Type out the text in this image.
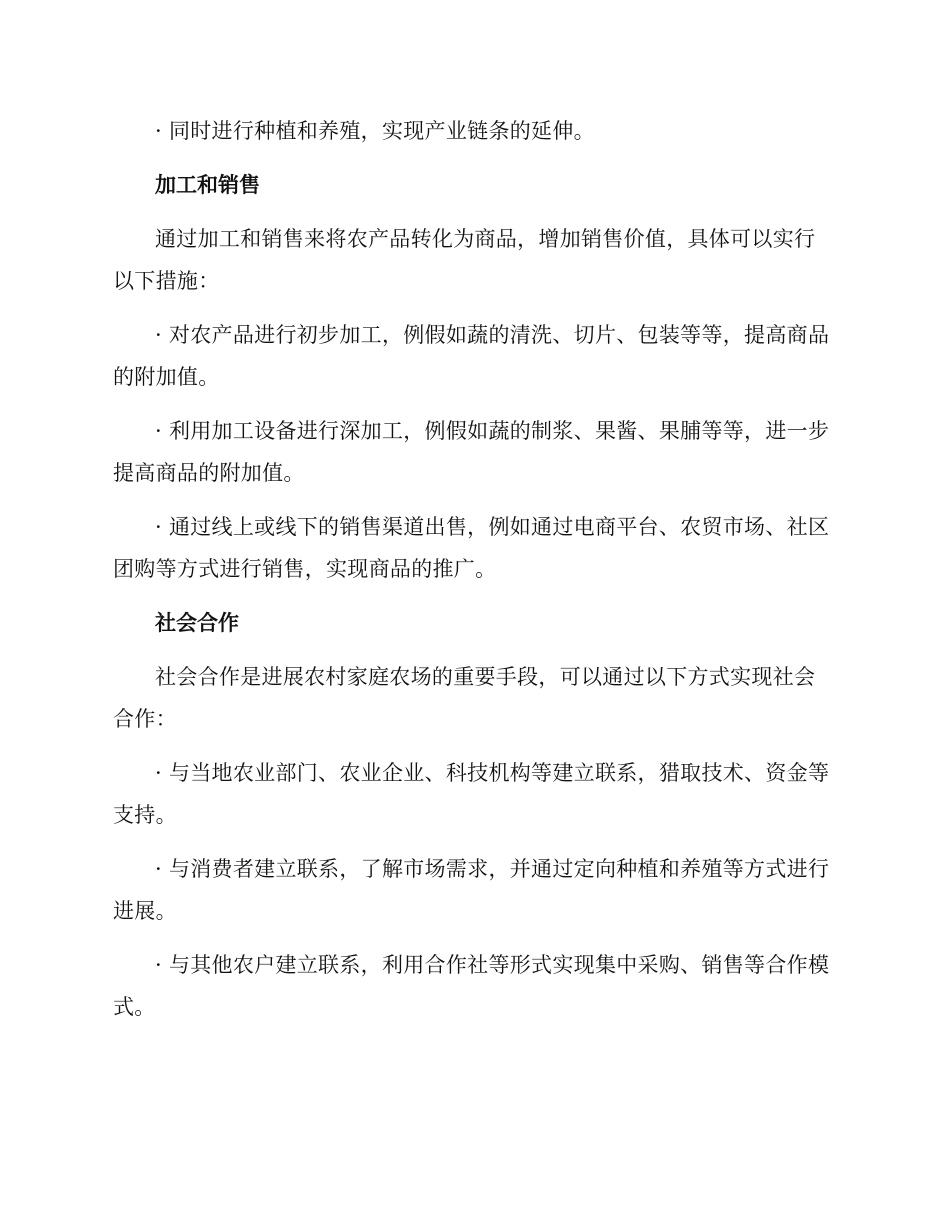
· 同时进行种植和养殖，实现产业链条的延伸。

加工和销售

通过加工和销售来将农产品转化为商品，增加销售价值，具体可以实行以下措施：

· 对农产品进行初步加工，例假如蔬的清洗、切片、包装等等，提高商品的附加值。

· 利用加工设备进行深加工，例假如蔬的制浆、果酱、果脯等等，进一步提高商品的附加值。

· 通过线上或线下的销售渠道出售，例如通过电商平台、农贸市场、社区团购等方式进行销售，实现商品的推广。

社会合作

社会合作是进展农村家庭农场的重要手段，可以通过以下方式实现社会合作：

· 与当地农业部门、农业企业、科技机构等建立联系，猎取技术、资金等支持。

· 与消费者建立联系，了解市场需求，并通过定向种植和养殖等方式进行进展。

· 与其他农户建立联系，利用合作社等形式实现集中采购、销售等合作模式。
